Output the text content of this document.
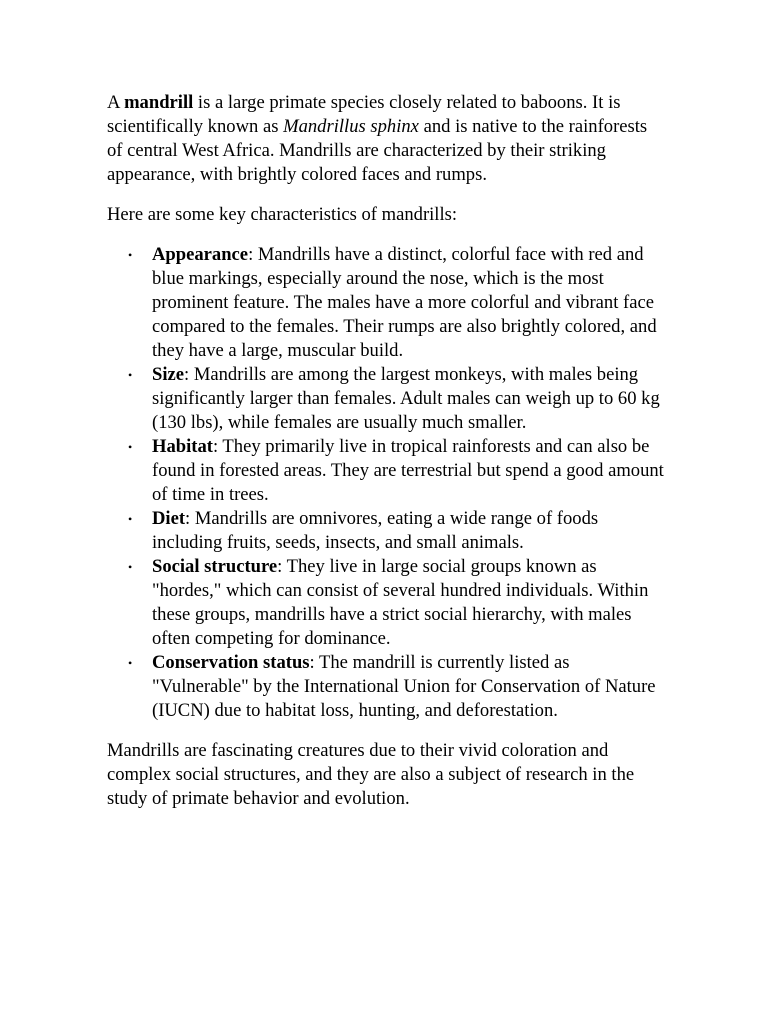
A mandrill is a large primate species closely related to baboons. It is scientifically known as Mandrillus sphinx and is native to the rainforests of central West Africa. Mandrills are characterized by their striking appearance, with brightly colored faces and rumps.

Here are some key characteristics of mandrills:

•	Appearance: Mandrills have a distinct, colorful face with red and blue markings, especially around the nose, which is the most prominent feature. The males have a more colorful and vibrant face compared to the females. Their rumps are also brightly colored, and they have a large, muscular build.
•	Size: Mandrills are among the largest monkeys, with males being significantly larger than females. Adult males can weigh up to 60 kg (130 lbs), while females are usually much smaller.
•	Habitat: They primarily live in tropical rainforests and can also be found in forested areas. They are terrestrial but spend a good amount of time in trees.
•	Diet: Mandrills are omnivores, eating a wide range of foods including fruits, seeds, insects, and small animals.
•	Social structure: They live in large social groups known as "hordes," which can consist of several hundred individuals. Within these groups, mandrills have a strict social hierarchy, with males often competing for dominance.
•	Conservation status: The mandrill is currently listed as "Vulnerable" by the International Union for Conservation of Nature (IUCN) due to habitat loss, hunting, and deforestation.

Mandrills are fascinating creatures due to their vivid coloration and complex social structures, and they are also a subject of research in the study of primate behavior and evolution.
